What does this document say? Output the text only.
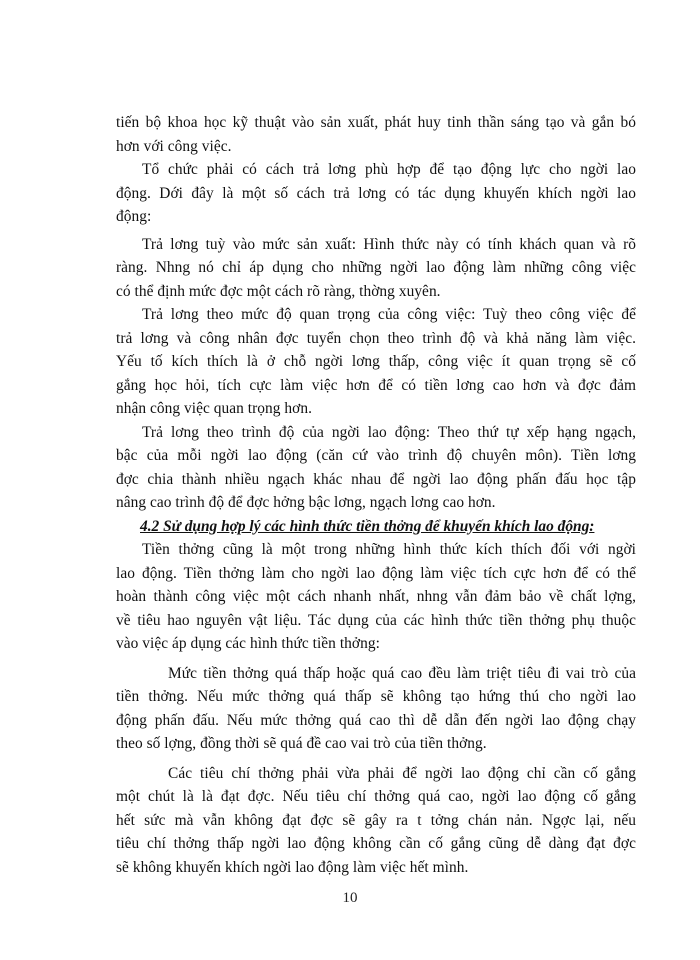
tiến bộ khoa học kỹ thuật vào sản xuất, phát huy tinh thần sáng tạo và gắn bó
hơn với công việc.
Tổ chức phải có cách trả lơng phù hợp để tạo động lực cho ngời lao
động. Dới đây là một số cách trả lơng có tác dụng khuyến khích ngời lao
động:
Trả lơng tuỳ vào mức sản xuất: Hình thức này có tính khách quan và rõ
ràng. Nhng nó chỉ áp dụng cho những ngời lao động làm những công việc
có thể định mức đợc một cách rõ ràng, thờng xuyên.
Trả lơng theo mức độ quan trọng của công việc: Tuỳ theo công việc để
trả lơng và công nhân đợc tuyển chọn theo trình độ và khả năng làm việc.
Yếu tố kích thích là ở chỗ ngời lơng thấp, công việc ít quan trọng sẽ cố
gắng học hỏi, tích cực làm việc hơn để có tiền lơng cao hơn và đợc đảm
nhận công việc quan trọng hơn.
Trả lơng theo trình độ của ngời lao động: Theo thứ tự xếp hạng ngạch,
bậc của mỗi ngời lao động (căn cứ vào trình độ chuyên môn). Tiền lơng
đợc chia thành nhiều ngạch khác nhau để ngời lao động phấn đấu học tập
nâng cao trình độ để đợc hởng bậc lơng, ngạch lơng cao hơn.
4.2 Sử dụng hợp lý các hình thức tiền thởng để khuyến khích lao động:
Tiền thởng cũng là một trong những hình thức kích thích đối với ngời
lao động. Tiền thởng làm cho ngời lao động làm việc tích cực hơn để có thể
hoàn thành công việc một cách nhanh nhất, nhng vẫn đảm bảo về chất lợng,
về tiêu hao nguyên vật liệu. Tác dụng của các hình thức tiền thởng phụ thuộc
vào việc áp dụng các hình thức tiền thởng:
Mức tiền thởng quá thấp hoặc quá cao đều làm triệt tiêu đi vai trò của
tiền thởng. Nếu mức thởng quá thấp sẽ không tạo hứng thú cho ngời lao
động phấn đấu. Nếu mức thởng quá cao thì dễ dẫn đến ngời lao động chạy
theo số lợng, đồng thời sẽ quá đề cao vai trò của tiền thởng.
Các tiêu chí thởng phải vừa phải để ngời lao động chỉ cần cố gắng
một chút là là đạt đợc. Nếu tiêu chí thởng quá cao, ngời lao động cố gắng
hết sức mà vẫn không đạt đợc sẽ gây ra t tởng chán nản. Ngợc lại, nếu
tiêu chí thởng thấp ngời lao động không cần cố gắng cũng dễ dàng đạt đợc
sẽ không khuyến khích ngời lao động làm việc hết mình.
10
